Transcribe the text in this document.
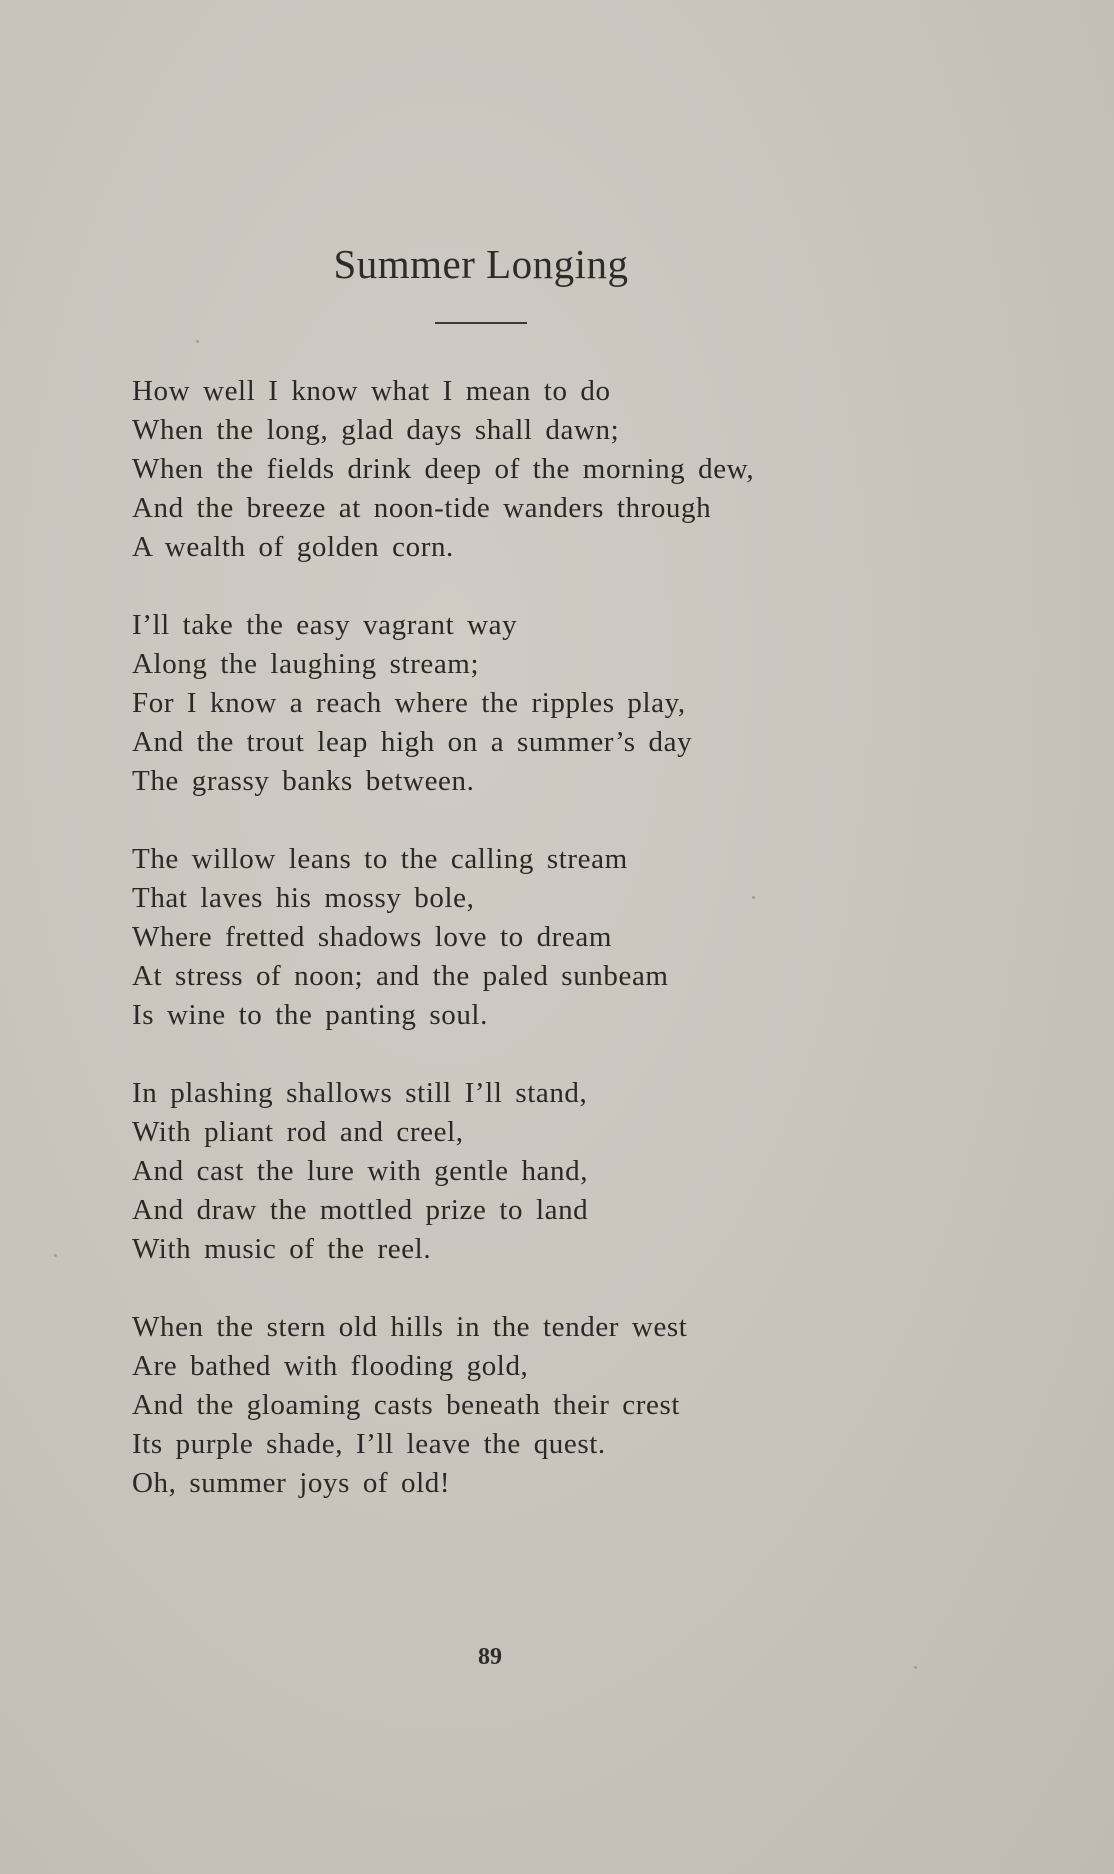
Summer Longing
How well I know what I mean to do
When the long, glad days shall dawn;
When the fields drink deep of the morning dew,
And the breeze at noon-tide wanders through
A wealth of golden corn.
I’ll take the easy vagrant way
Along the laughing stream;
For I know a reach where the ripples play,
And the trout leap high on a summer’s day
The grassy banks between.
The willow leans to the calling stream
That laves his mossy bole,
Where fretted shadows love to dream
At stress of noon; and the paled sunbeam
Is wine to the panting soul.
In plashing shallows still I’ll stand,
With pliant rod and creel,
And cast the lure with gentle hand,
And draw the mottled prize to land
With music of the reel.
When the stern old hills in the tender west
Are bathed with flooding gold,
And the gloaming casts beneath their crest
Its purple shade, I’ll leave the quest.
Oh, summer joys of old!
89
